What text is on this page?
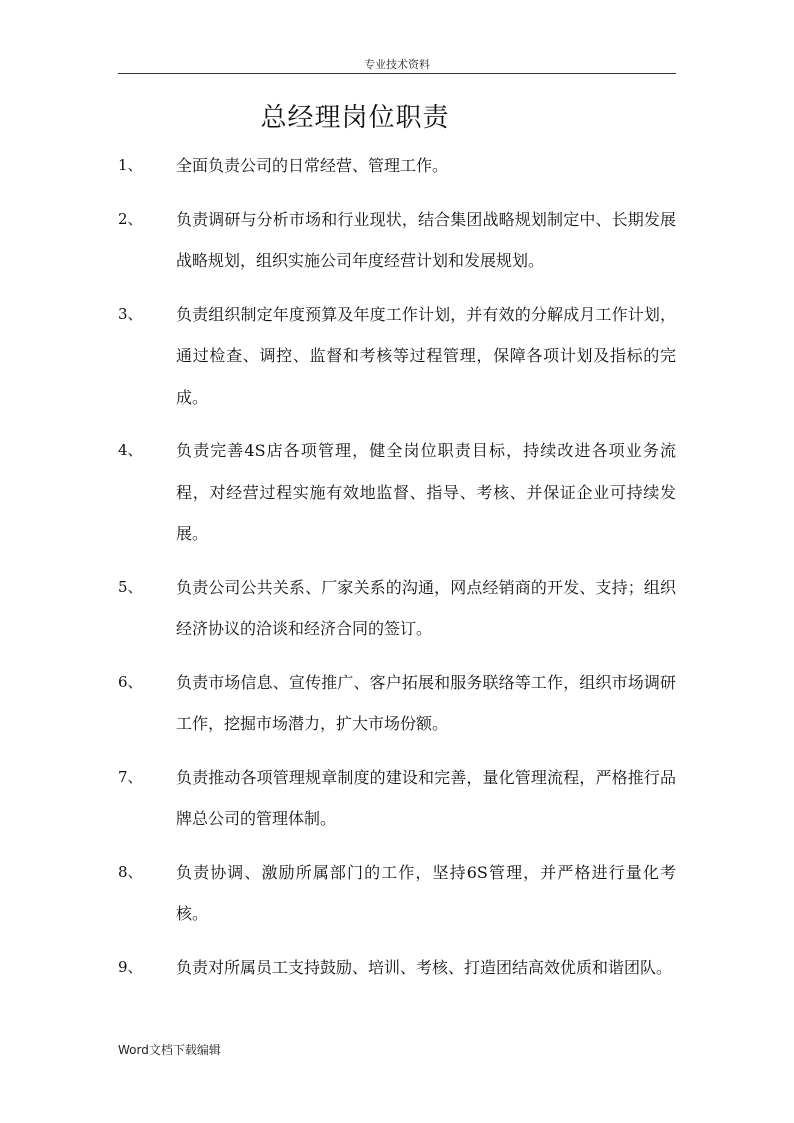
专业技术资料
总经理岗位职责
1、	全面负责公司的日常经营、管理工作。
2、	负责调研与分析市场和行业现状，结合集团战略规划制定中、长期发展战略规划，组织实施公司年度经营计划和发展规划。
3、	负责组织制定年度预算及年度工作计划，并有效的分解成月工作计划，通过检查、调控、监督和考核等过程管理，保障各项计划及指标的完成。
4、	负责完善4S店各项管理，健全岗位职责目标，持续改进各项业务流程，对经营过程实施有效地监督、指导、考核、并保证企业可持续发展。
5、	负责公司公共关系、厂家关系的沟通，网点经销商的开发、支持；组织经济协议的洽谈和经济合同的签订。
6、	负责市场信息、宣传推广、客户拓展和服务联络等工作，组织市场调研工作，挖掘市场潜力，扩大市场份额。
7、	负责推动各项管理规章制度的建设和完善，量化管理流程，严格推行品牌总公司的管理体制。
8、	负责协调、激励所属部门的工作，坚持6S管理，并严格进行量化考核。
9、	负责对所属员工支持鼓励、培训、考核、打造团结高效优质和谐团队。
Word文档下载编辑
